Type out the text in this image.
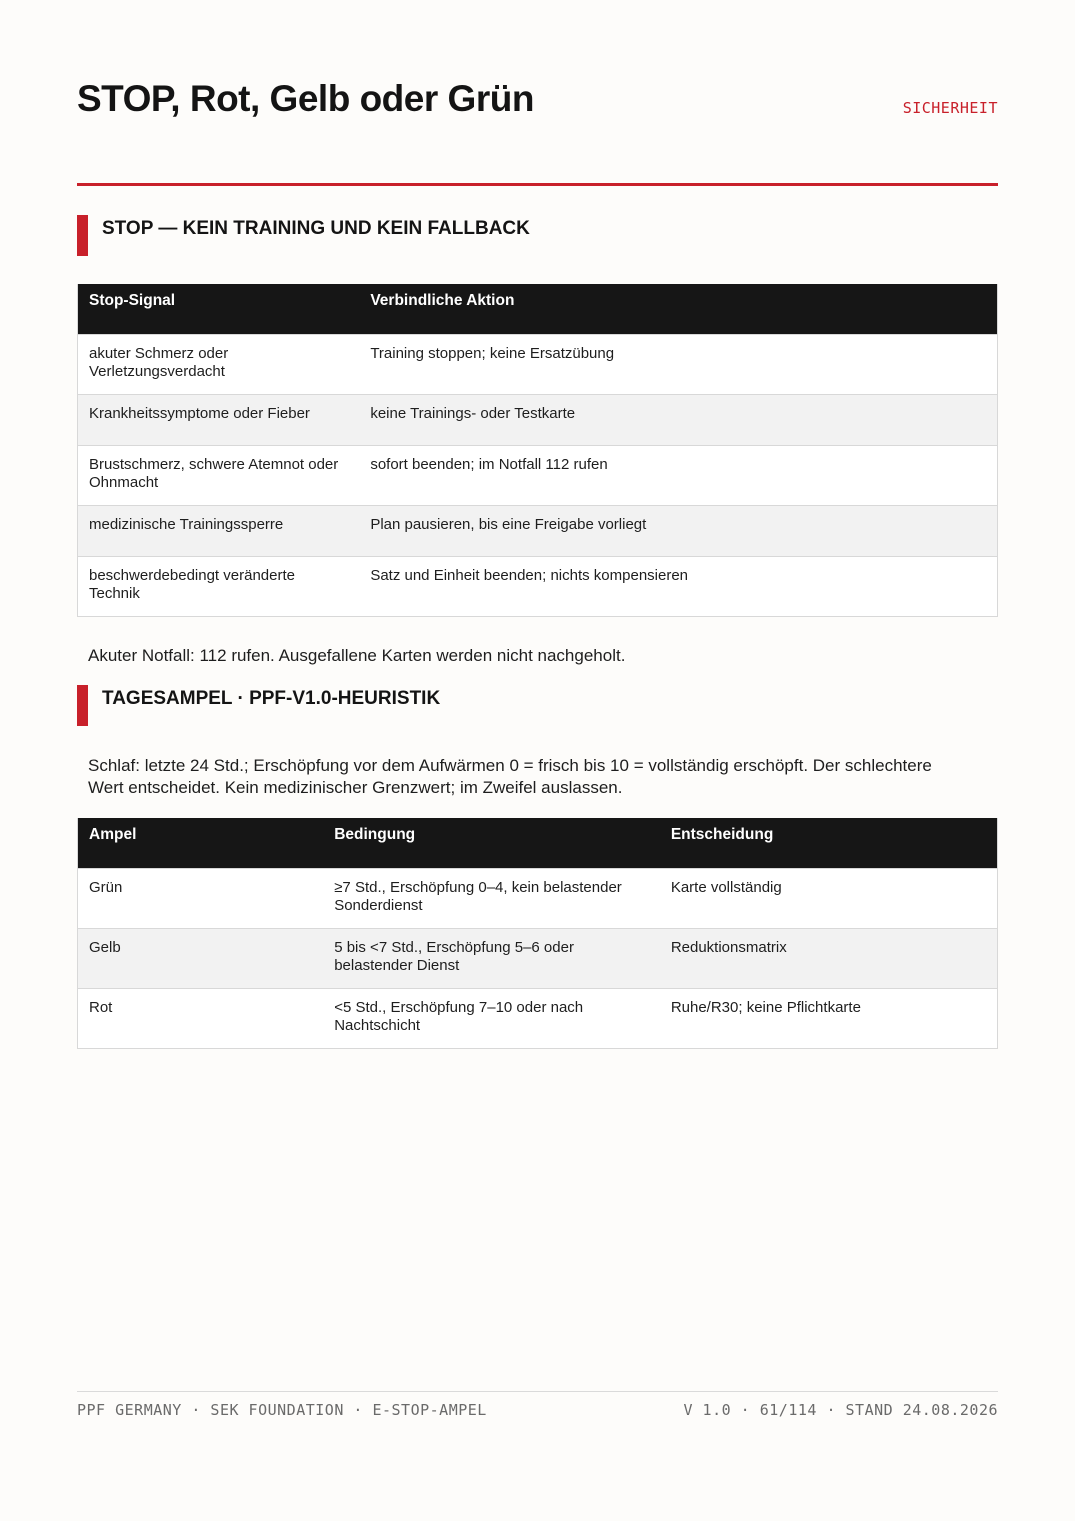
STOP, Rot, Gelb oder Grün	SICHERHEIT
STOP — KEIN TRAINING UND KEIN FALLBACK
Stop-Signal	Verbindliche Aktion
akuter Schmerz oder Verletzungsverdacht	Training stoppen; keine Ersatzübung
Krankheitssymptome oder Fieber	keine Trainings- oder Testkarte
Brustschmerz, schwere Atemnot oder Ohnmacht	sofort beenden; im Notfall 112 rufen
medizinische Trainingssperre	Plan pausieren, bis eine Freigabe vorliegt
beschwerdebedingt veränderte Technik	Satz und Einheit beenden; nichts kompensieren
Akuter Notfall: 112 rufen. Ausgefallene Karten werden nicht nachgeholt.
TAGESAMPEL · PPF-V1.0-HEURISTIK
Schlaf: letzte 24 Std.; Erschöpfung vor dem Aufwärmen 0 = frisch bis 10 = vollständig erschöpft. Der schlechtere Wert entscheidet. Kein medizinischer Grenzwert; im Zweifel auslassen.
Ampel	Bedingung	Entscheidung
Grün	≥7 Std., Erschöpfung 0–4, kein belastender Sonderdienst	Karte vollständig
Gelb	5 bis <7 Std., Erschöpfung 5–6 oder belastender Dienst	Reduktionsmatrix
Rot	<5 Std., Erschöpfung 7–10 oder nach Nachtschicht	Ruhe/R30; keine Pflichtkarte
PPF GERMANY · SEK FOUNDATION · E-STOP-AMPEL	V 1.0 · 61/114 · STAND 24.08.2026
